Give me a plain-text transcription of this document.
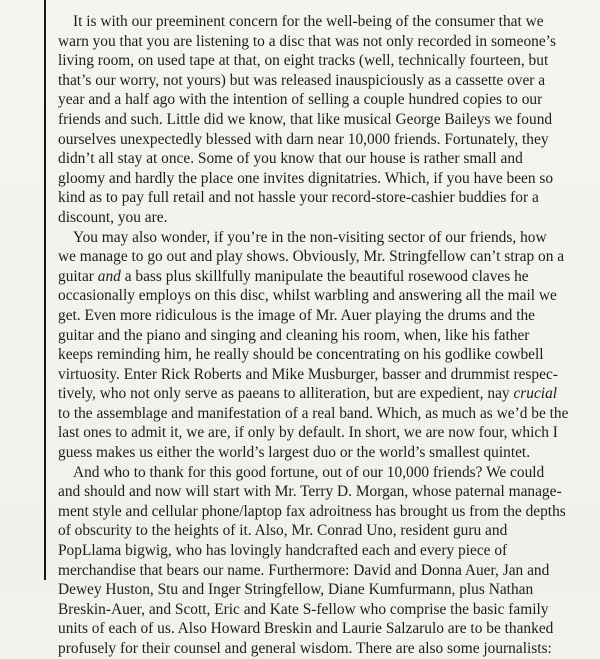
It is with our preeminent concern for the well-being of the consumer that we
warn you that you are listening to a disc that was not only recorded in someone’s
living room, on used tape at that, on eight tracks (well, technically fourteen, but
that’s our worry, not yours) but was released inauspiciously as a cassette over a
year and a half ago with the intention of selling a couple hundred copies to our
friends and such. Little did we know, that like musical George Baileys we found
ourselves unexpectedly blessed with darn near 10,000 friends. Fortunately, they
didn’t all stay at once. Some of you know that our house is rather small and
gloomy and hardly the place one invites dignitatries. Which, if you have been so
kind as to pay full retail and not hassle your record-store-cashier buddies for a
discount, you are.
You may also wonder, if you’re in the non-visiting sector of our friends, how
we manage to go out and play shows. Obviously, Mr. Stringfellow can’t strap on a
guitar and a bass plus skillfully manipulate the beautiful rosewood claves he
occasionally employs on this disc, whilst warbling and answering all the mail we
get. Even more ridiculous is the image of Mr. Auer playing the drums and the
guitar and the piano and singing and cleaning his room, when, like his father
keeps reminding him, he really should be concentrating on his godlike cowbell
virtuosity. Enter Rick Roberts and Mike Musburger, basser and drummist respec-
tively, who not only serve as paeans to alliteration, but are expedient, nay crucial
to the assemblage and manifestation of a real band. Which, as much as we’d be the
last ones to admit it, we are, if only by default. In short, we are now four, which I
guess makes us either the world’s largest duo or the world’s smallest quintet.
And who to thank for this good fortune, out of our 10,000 friends? We could
and should and now will start with Mr. Terry D. Morgan, whose paternal manage-
ment style and cellular phone/laptop fax adroitness has brought us from the depths
of obscurity to the heights of it. Also, Mr. Conrad Uno, resident guru and
PopLlama bigwig, who has lovingly handcrafted each and every piece of
merchandise that bears our name. Furthermore: David and Donna Auer, Jan and
Dewey Huston, Stu and Inger Stringfellow, Diane Kumfurmann, plus Nathan
Breskin-Auer, and Scott, Eric and Kate S-fellow who comprise the basic family
units of each of us. Also Howard Breskin and Laurie Salzarulo are to be thanked
profusely for their counsel and general wisdom. There are also some journalists:
